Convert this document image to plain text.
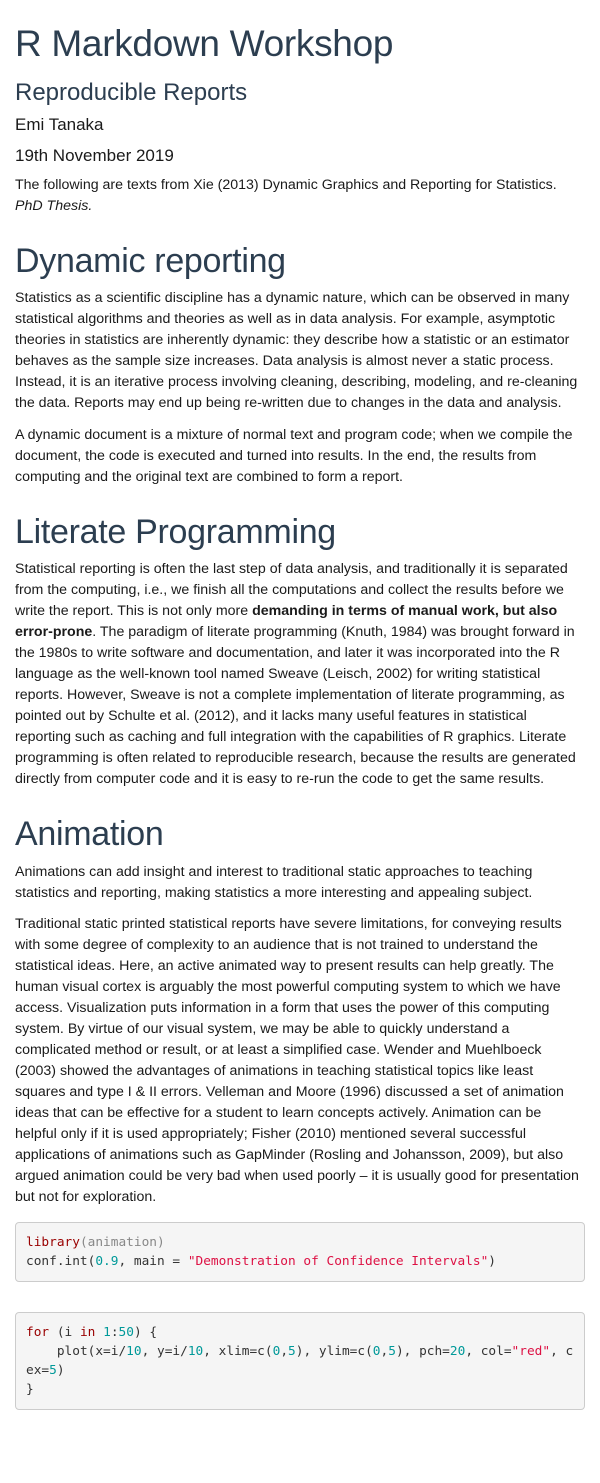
R Markdown Workshop
Reproducible Reports
Emi Tanaka
19th November 2019

The following are texts from Xie (2013) Dynamic Graphics and Reporting for Statistics. PhD Thesis.

Dynamic reporting

Statistics as a scientific discipline has a dynamic nature, which can be observed in many statistical algorithms and theories as well as in data analysis. For example, asymptotic theories in statistics are inherently dynamic: they describe how a statistic or an estimator behaves as the sample size increases. Data analysis is almost never a static process. Instead, it is an iterative process involving cleaning, describing, modeling, and re-cleaning the data. Reports may end up being re-written due to changes in the data and analysis.

A dynamic document is a mixture of normal text and program code; when we compile the document, the code is executed and turned into results. In the end, the results from computing and the original text are combined to form a report.

Literate Programming

Statistical reporting is often the last step of data analysis, and traditionally it is separated from the computing, i.e., we finish all the computations and collect the results before we write the report. This is not only more demanding in terms of manual work, but also error-prone. The paradigm of literate programming (Knuth, 1984) was brought forward in the 1980s to write software and documentation, and later it was incorporated into the R language as the well-known tool named Sweave (Leisch, 2002) for writing statistical reports. However, Sweave is not a complete implementation of literate programming, as pointed out by Schulte et al. (2012), and it lacks many useful features in statistical reporting such as caching and full integration with the capabilities of R graphics. Literate programming is often related to reproducible research, because the results are generated directly from computer code and it is easy to re-run the code to get the same results.

Animation

Animations can add insight and interest to traditional static approaches to teaching statistics and reporting, making statistics a more interesting and appealing subject.

Traditional static printed statistical reports have severe limitations, for conveying results with some degree of complexity to an audience that is not trained to understand the statistical ideas. Here, an active animated way to present results can help greatly. The human visual cortex is arguably the most powerful computing system to which we have access. Visualization puts information in a form that uses the power of this computing system. By virtue of our visual system, we may be able to quickly understand a complicated method or result, or at least a simplified case. Wender and Muehlboeck (2003) showed the advantages of animations in teaching statistical topics like least squares and type I & II errors. Velleman and Moore (1996) discussed a set of animation ideas that can be effective for a student to learn concepts actively. Animation can be helpful only if it is used appropriately; Fisher (2010) mentioned several successful applications of animations such as GapMinder (Rosling and Johansson, 2009), but also argued animation could be very bad when used poorly – it is usually good for presentation but not for exploration.

library(animation)
conf.int(0.9, main = "Demonstration of Confidence Intervals")
for (i in 1:50) {
plot(x=i/10, y=i/10, xlim=c(0,5), ylim=c(0,5), pch=20, col="red", cex=5)
}
